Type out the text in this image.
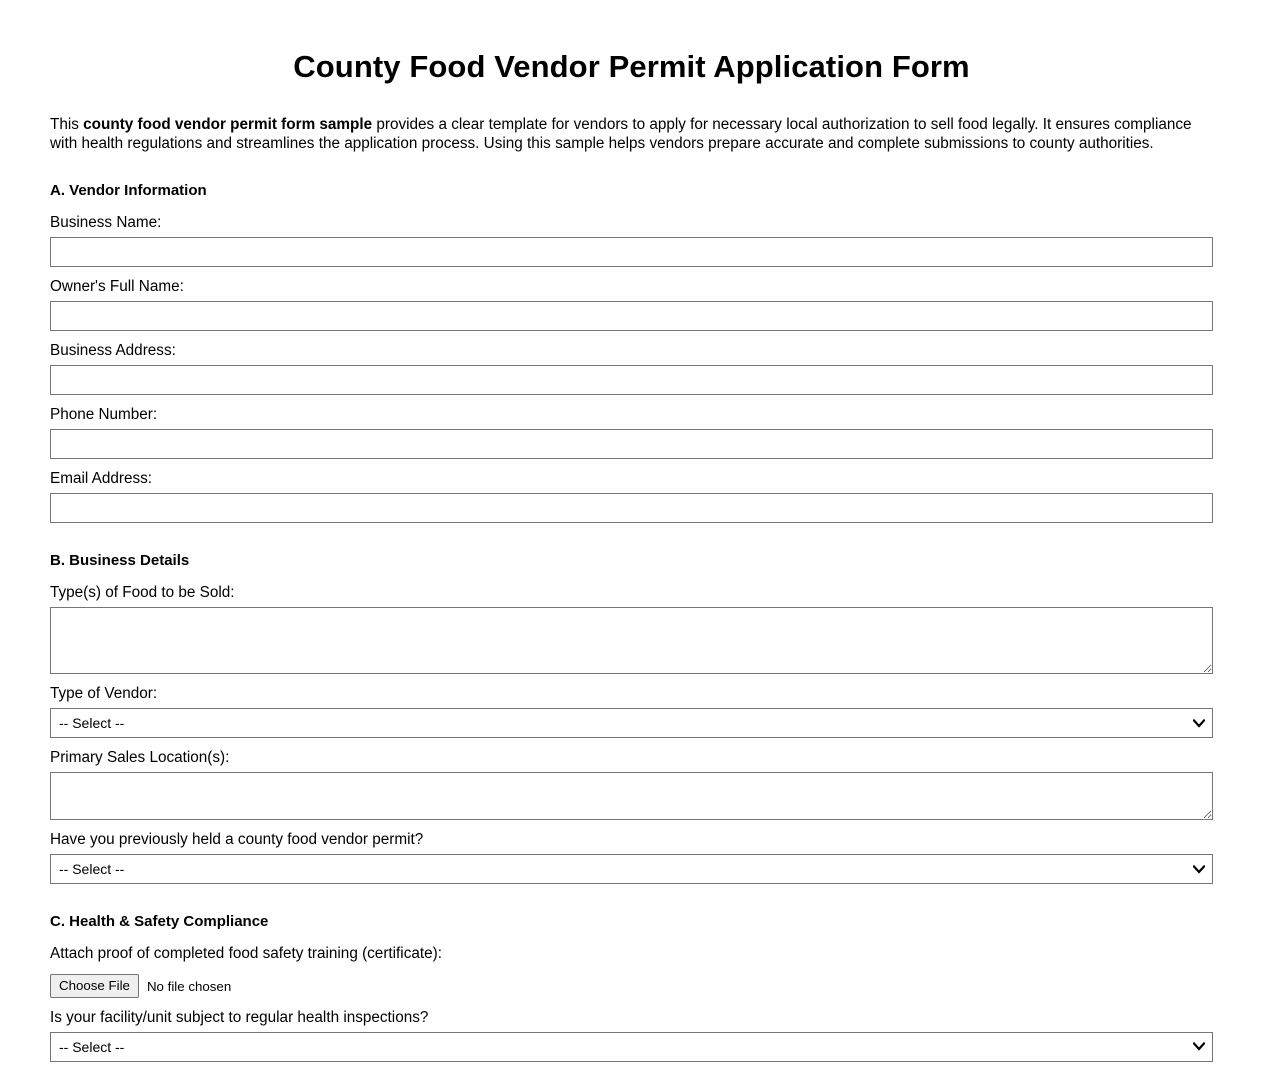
County Food Vendor Permit Application Form

This county food vendor permit form sample provides a clear template for vendors to apply for necessary local authorization to sell food legally. It ensures compliance with health regulations and streamlines the application process. Using this sample helps vendors prepare accurate and complete submissions to county authorities.

A. Vendor Information
Business Name:
Owner's Full Name:
Business Address:
Phone Number:
Email Address:
B. Business Details
Type(s) of Food to be Sold:
Type of Vendor:
-- Select --
Primary Sales Location(s):
Have you previously held a county food vendor permit?
-- Select --
C. Health & Safety Compliance
Attach proof of completed food safety training (certificate):
Choose File	No file chosen
Is your facility/unit subject to regular health inspections?
-- Select --
